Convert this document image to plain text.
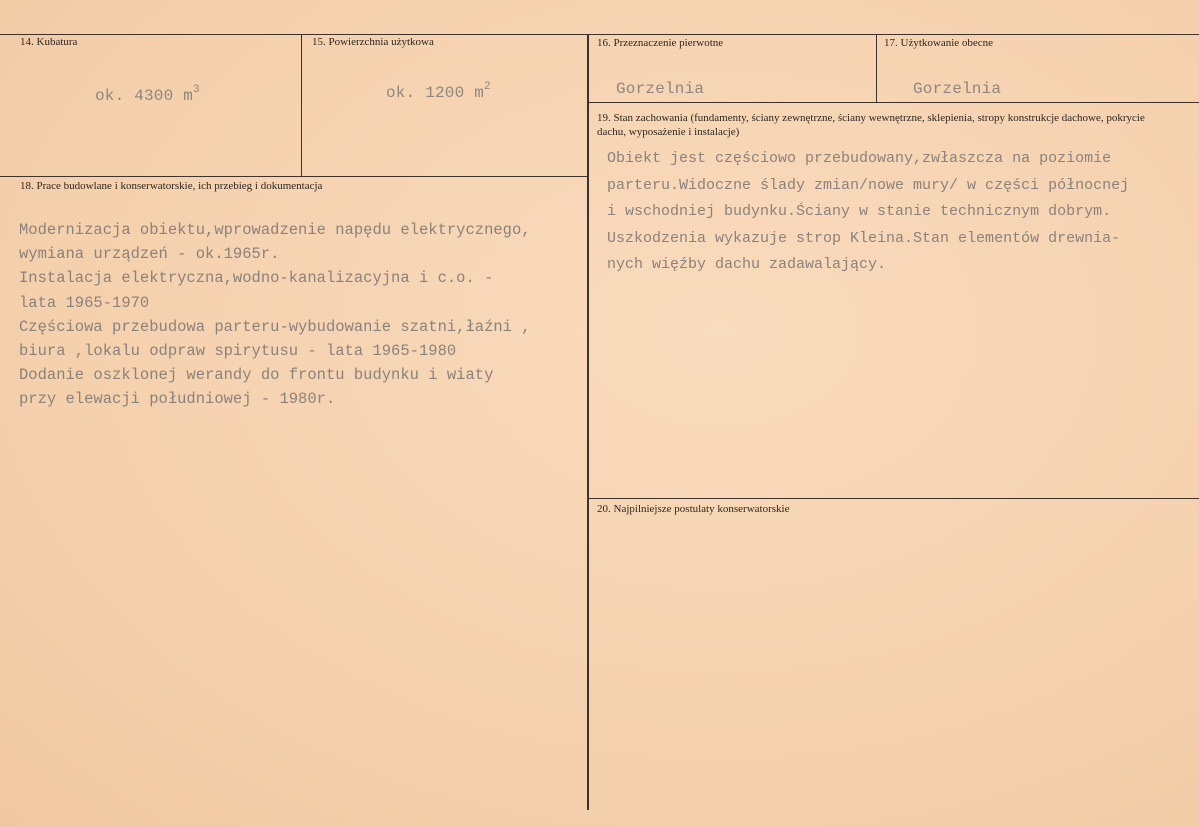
14. Kubatura
ok. 4300 $m^3$
15. Powierzchnia użytkowa
ok. 1200 $m^2$
16. Przeznaczenie pierwotne
Gorzelnia
17. Użytkowanie obecne
Gorzelnia
18. Prace budowlane i konserwatorskie, ich przebieg i dokumentacja
Modernizacja obiektu,wprowadzenie napędu elektrycznego,
wymiana urządzeń - ok.1965r.
Instalacja elektryczna,wodno-kanalizacyjna i c.o. -
lata 1965-1970
Częściowa przebudowa parteru-wybudowanie szatni,łaźni ,
biura ,lokalu odpraw spirytusu - lata 1965-1980
Dodanie oszklonej werandy do frontu budynku i wiaty
przy elewacji południowej - 1980r.
19. Stan zachowania (fundamenty, ściany zewnętrzne, ściany wewnętrzne, sklepienia, stropy konstrukcje dachowe, pokrycie dachu, wyposażenie i instalacje)
Obiekt jest częściowo przebudowany,zwłaszcza na poziomie
parteru.Widoczne ślady zmian/nowe mury/ w części północnej
i wschodniej budynku.Ściany w stanie technicznym dobrym.
Uszkodzenia wykazuje strop Kleina.Stan elementów drewnia-
nych więźby dachu zadawalający.
20. Najpilniejsze postulaty konserwatorskie
